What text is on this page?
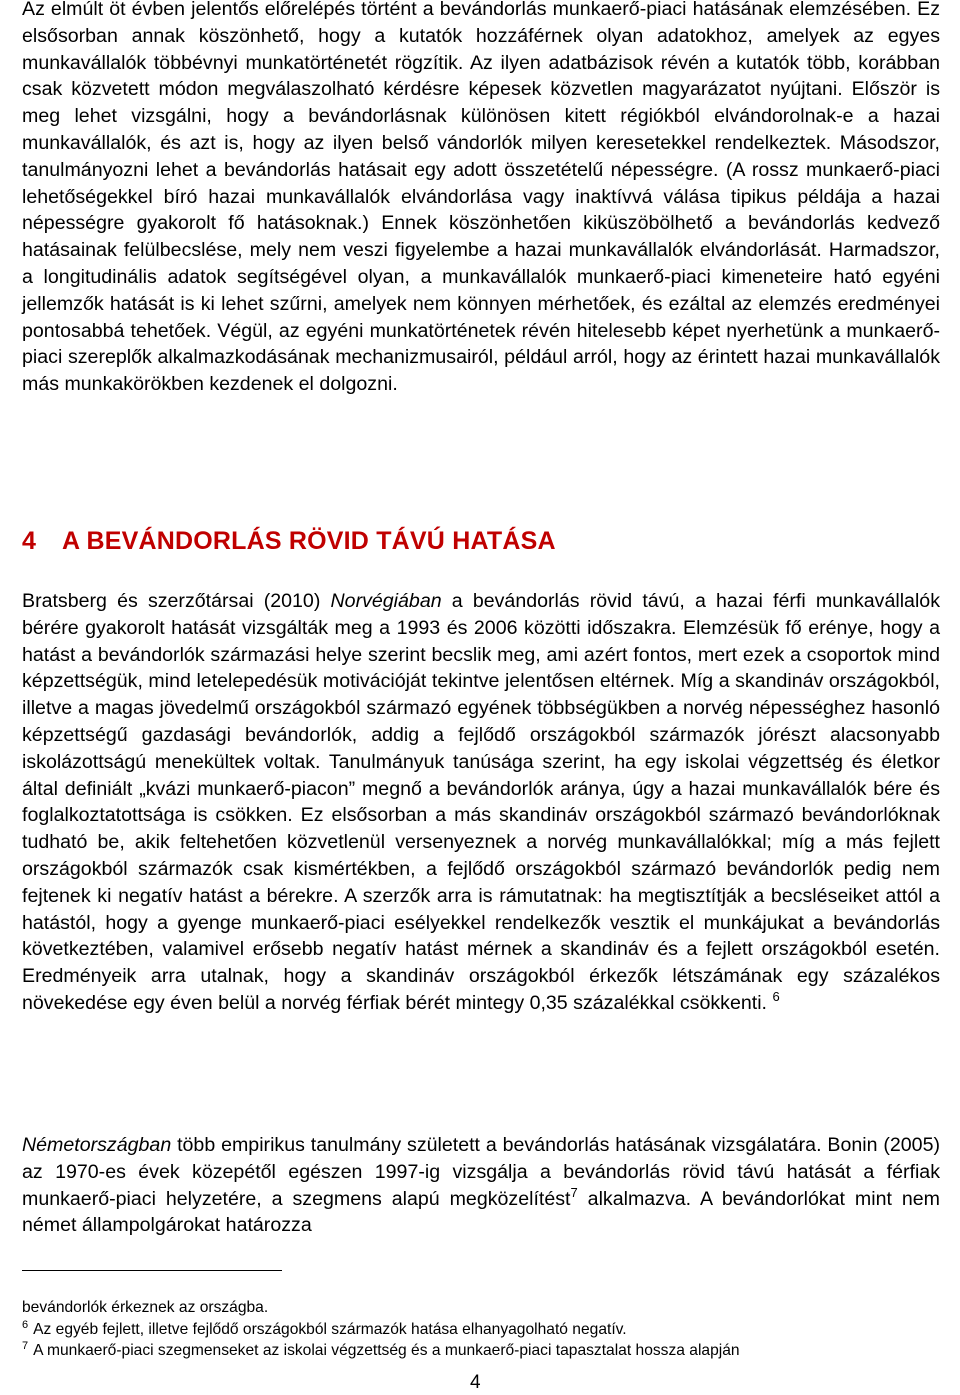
Az elmúlt öt évben jelentős előrelépés történt a bevándorlás munkaerő-piaci hatásának elemzésében. Ez elsősorban annak köszönhető, hogy a kutatók hozzáférnek olyan adatokhoz, amelyek az egyes munkavállalók többévnyi munkatörténetét rögzítik. Az ilyen adatbázisok révén a kutatók több, korábban csak közvetett módon megválaszolható kérdésre képesek közvetlen magyarázatot nyújtani. Először is meg lehet vizsgálni, hogy a bevándorlásnak különösen kitett régiókból elvándorolnak-e a hazai munkavállalók, és azt is, hogy az ilyen belső vándorlók milyen keresetekkel rendelkeztek. Másodszor, tanulmányozni lehet a bevándorlás hatásait egy adott összetételű népességre. (A rossz munkaerő-piaci lehetőségekkel bíró hazai munkavállalók elvándorlása vagy inaktívvá válása tipikus példája a hazai népességre gyakorolt fő hatásoknak.) Ennek köszönhetően kiküszöbölhető a bevándorlás kedvező hatásainak felülbecslése, mely nem veszi figyelembe a hazai munkavállalók elvándorlását. Harmadszor, a longitudinális adatok segítségével olyan, a munkavállalók munkaerő-piaci kimeneteire ható egyéni jellemzők hatását is ki lehet szűrni, amelyek nem könnyen mérhetőek, és ezáltal az elemzés eredményei pontosabbá tehetőek. Végül, az egyéni munkatörténetek révén hitelesebb képet nyerhetünk a munkaerő-piaci szereplők alkalmazkodásának mechanizmusairól, például arról, hogy az érintett hazai munkavállalók más munkakörökben kezdenek el dolgozni.

4 A BEVÁNDORLÁS RÖVID TÁVÚ HATÁSA

Bratsberg és szerzőtársai (2010) Norvégiában a bevándorlás rövid távú, a hazai férfi munkavállalók bérére gyakorolt hatását vizsgálták meg a 1993 és 2006 közötti időszakra. Elemzésük fő erénye, hogy a hatást a bevándorlók származási helye szerint becslik meg, ami azért fontos, mert ezek a csoportok mind képzettségük, mind letelepedésük motivációját tekintve jelentősen eltérnek. Míg a skandináv országokból, illetve a magas jövedelmű országokból származó egyének többségükben a norvég népességhez hasonló képzettségű gazdasági bevándorlók, addig a fejlődő országokból származók jórészt alacsonyabb iskolázottságú menekültek voltak. Tanulmányuk tanúsága szerint, ha egy iskolai végzettség és életkor által definiált „kvázi munkaerő-piacon” megnő a bevándorlók aránya, úgy a hazai munkavállalók bére és foglalkoztatottsága is csökken. Ez elsősorban a más skandináv országokból származó bevándorlóknak tudható be, akik feltehetően közvetlenül versenyeznek a norvég munkavállalókkal; míg a más fejlett országokból származók csak kismértékben, a fejlődő országokból származó bevándorlók pedig nem fejtenek ki negatív hatást a bérekre. A szerzők arra is rámutatnak: ha megtisztítják a becsléseiket attól a hatástól, hogy a gyenge munkaerő-piaci esélyekkel rendelkezők vesztik el munkájukat a bevándorlás következtében, valamivel erősebb negatív hatást mérnek a skandináv és a fejlett országokból esetén. Eredményeik arra utalnak, hogy a skandináv országokból érkezők létszámának egy százalékos növekedése egy éven belül a norvég férfiak bérét mintegy 0,35 százalékkal csökkenti. $^6$

Németországban több empirikus tanulmány született a bevándorlás hatásának vizsgálatára. Bonin (2005) az 1970-es évek közepétől egészen 1997-ig vizsgálja a bevándorlás rövid távú hatását a férfiak munkaerő-piaci helyzetére, a szegmens alapú megközelítést$^7$ alkalmazva. A bevándorlókat mint nem német állampolgárokat határozza

bevándorlók érkeznek az országba.

$^6$ Az egyéb fejlett, illetve fejlődő országokból származók hatása elhanyagolható negatív.

$^7$ A munkaerő-piaci szegmenseket az iskolai végzettség és a munkaerő-piaci tapasztalat hossza alapján

4
